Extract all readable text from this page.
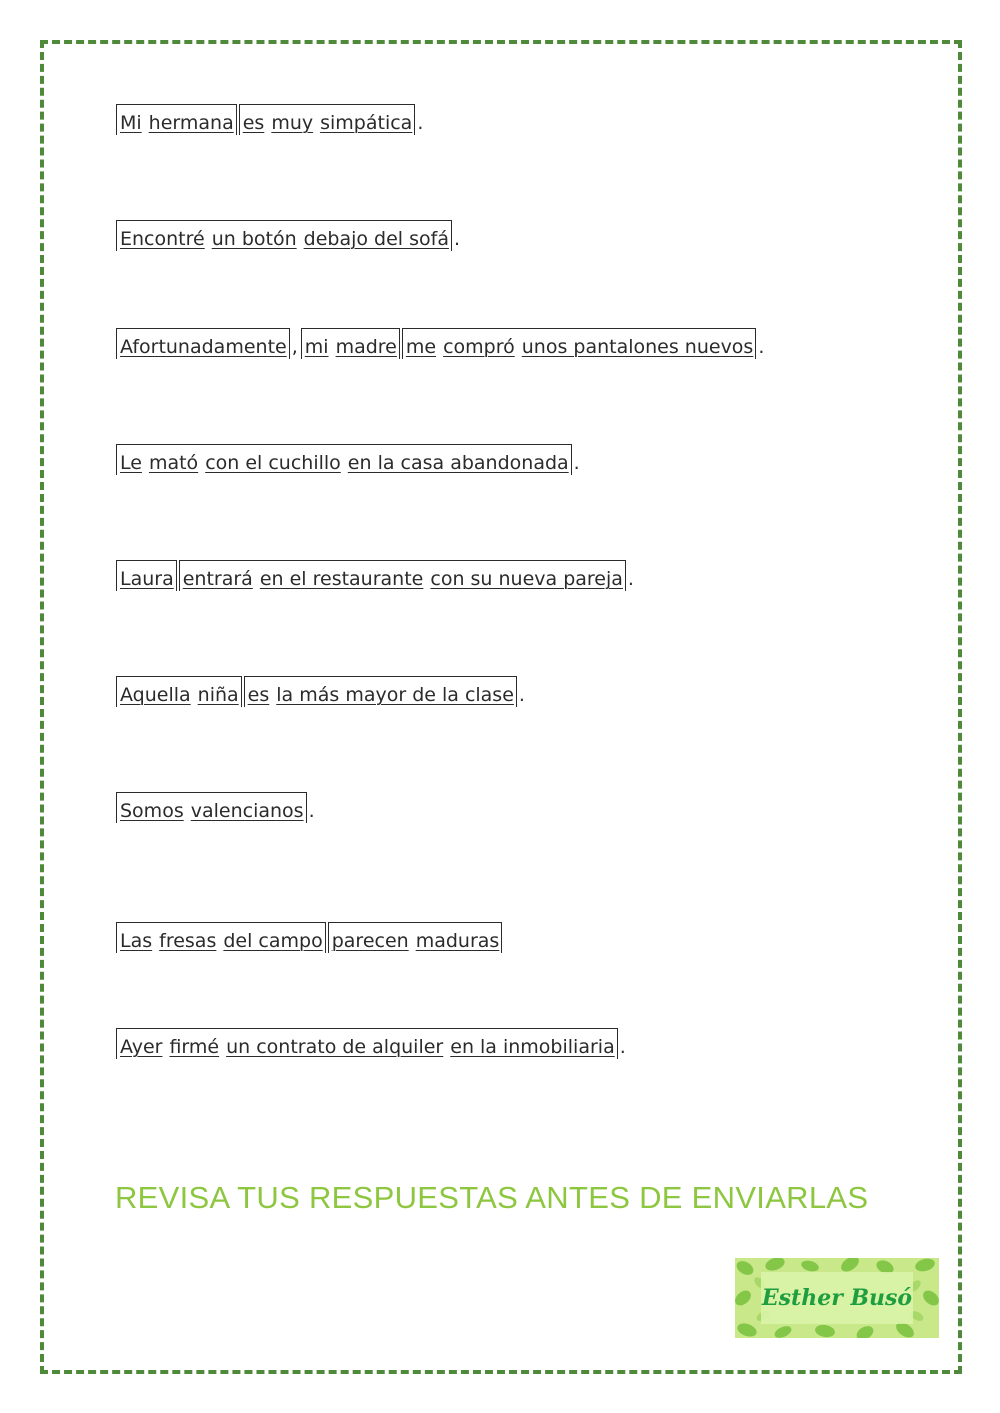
Mi hermana es muy simpática .
Encontré un botón debajo del sofá .
Afortunadamente , mi madre me compró unos pantalones nuevos .
Le mató con el cuchillo en la casa abandonada .
Laura entrará en el restaurante con su nueva pareja .
Aquella niña es la más mayor de la clase .
Somos valencianos .
Las fresas del campo parecen maduras
Ayer firmé un contrato de alquiler en la inmobiliaria .
REVISA TUS RESPUESTAS ANTES DE ENVIARLAS
Esther Busó
